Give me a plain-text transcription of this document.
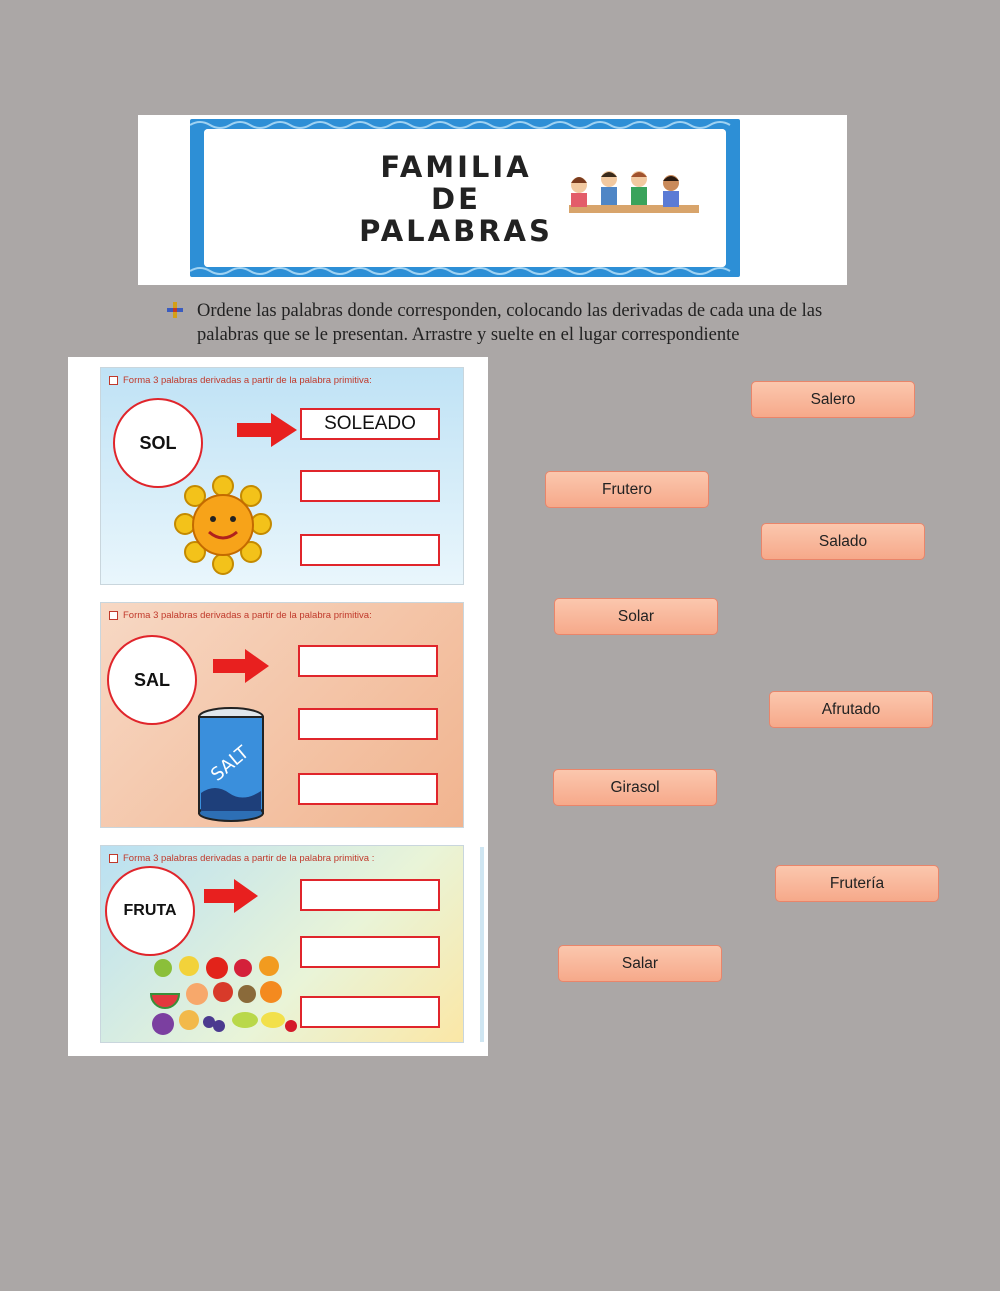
FAMILIA
DE
PALABRAS
Ordene las palabras donde corresponden, colocando las derivadas de cada una de las palabras que se le presentan. Arrastre y suelte en el lugar correspondiente
Forma 3 palabras derivadas a partir de la palabra primitiva:
SOL
SOLEADO
Forma 3 palabras derivadas a partir de la palabra primitiva:
SAL
SALT
Forma 3 palabras derivadas a partir de la palabra primitiva :
FRUTA
Salero
Frutero
Salado
Solar
Afrutado
Girasol
Frutería
Salar
